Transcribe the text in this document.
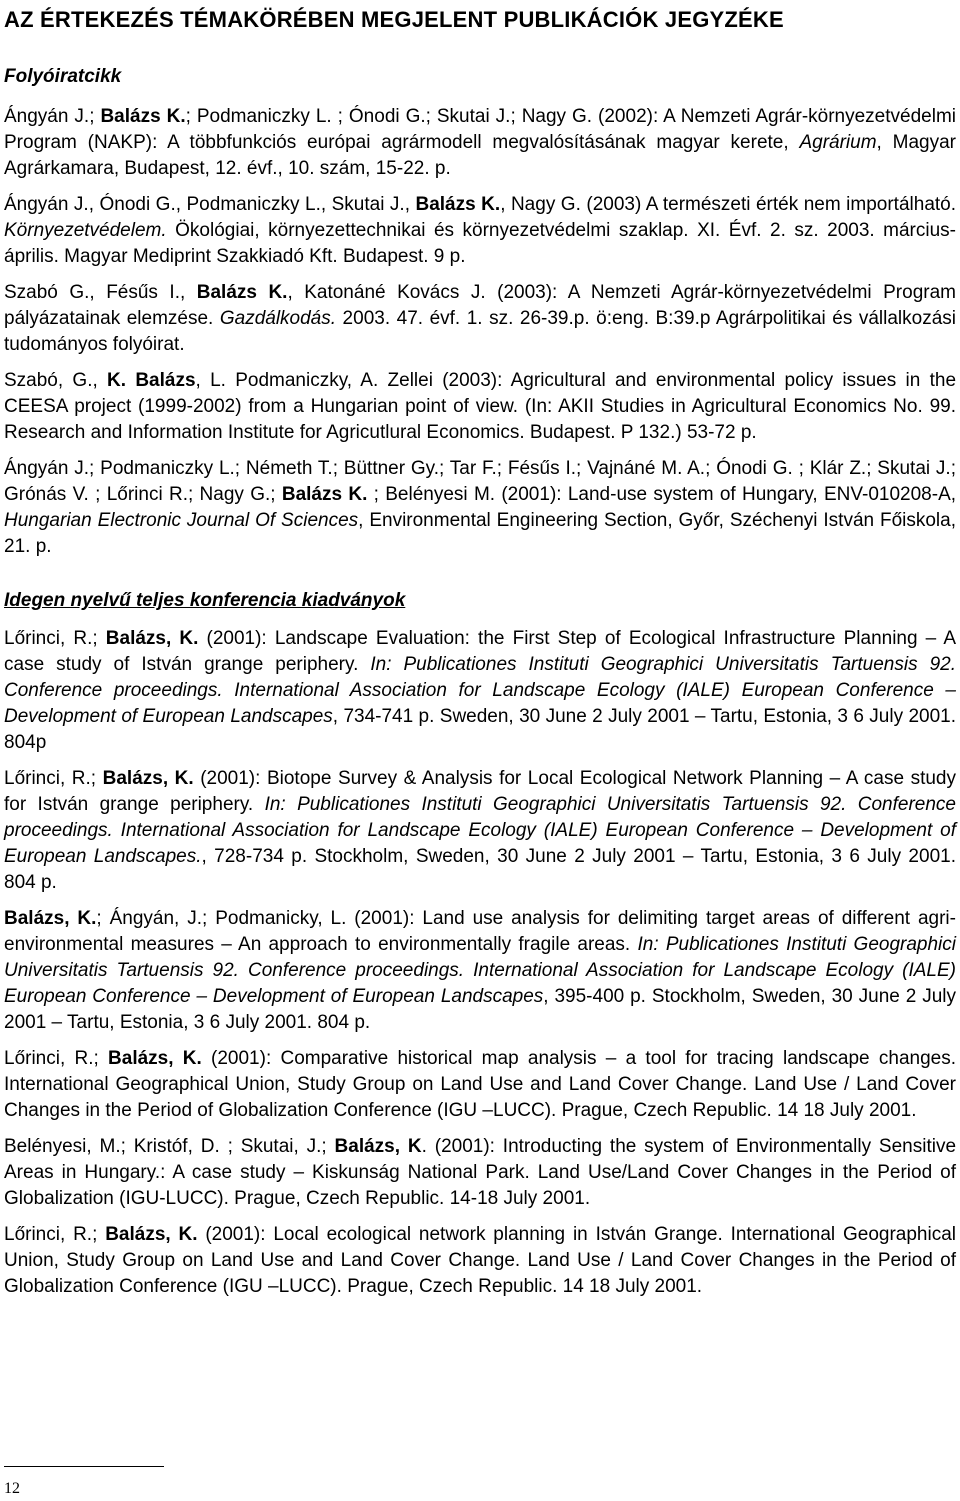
AZ ÉRTEKEZÉS TÉMAKÖRÉBEN MEGJELENT PUBLIKÁCIÓK JEGYZÉKE
Folyóiratcikk

Ángyán J.; Balázs K.; Podmaniczky L. ; Ónodi G.; Skutai J.; Nagy G. (2002): A Nemzeti Agrár-környezetvédelmi Program (NAKP): A többfunkciós európai agrármodell megvalósításának magyar kerete, Agrárium, Magyar Agrárkamara, Budapest, 12. évf., 10. szám, 15-22. p.

Ángyán J., Ónodi G., Podmaniczky L., Skutai J., Balázs K., Nagy G. (2003) A természeti érték nem importálható. Környezetvédelem. Ökológiai, környezettechnikai és környezetvédelmi szaklap. XI. Évf. 2. sz. 2003. március-április. Magyar Mediprint Szakkiadó Kft. Budapest. 9 p.

Szabó G., Fésűs I., Balázs K., Katonáné Kovács J. (2003): A Nemzeti Agrár-környezetvédelmi Program pályázatainak elemzése. Gazdálkodás. 2003. 47. évf. 1. sz. 26-39.p. ö:eng. B:39.p Agrárpolitikai és vállalkozási tudományos folyóirat.

Szabó, G., K. Balázs, L. Podmaniczky, A. Zellei (2003): Agricultural and environmental policy issues in the CEESA project (1999-2002) from a Hungarian point of view. (In: AKII Studies in Agricultural Economics No. 99. Research and Information Institute for Agricutlural Economics. Budapest. P 132.) 53-72 p.

Ángyán J.; Podmaniczky L.; Németh T.; Büttner Gy.; Tar F.; Fésűs I.; Vajnáné M. A.; Ónodi G. ; Klár Z.; Skutai J.; Grónás V. ; Lőrinci R.; Nagy G.; Balázs K. ; Belényesi M. (2001): Land-use system of Hungary, ENV-010208-A, Hungarian Electronic Journal Of Sciences, Environmental Engineering Section, Győr, Széchenyi István Főiskola, 21. p.

Idegen nyelvű teljes konferencia kiadványok

Lőrinci, R.; Balázs, K. (2001): Landscape Evaluation: the First Step of Ecological Infrastructure Planning – A case study of István grange periphery. In: Publicationes Instituti Geographici Universitatis Tartuensis 92. Conference proceedings. International Association for Landscape Ecology (IALE) European Conference – Development of European Landscapes, 734-741 p. Sweden, 30 June 2 July 2001 – Tartu, Estonia, 3 6 July 2001. 804p

Lőrinci, R.; Balázs, K. (2001): Biotope Survey & Analysis for Local Ecological Network Planning – A case study for István grange periphery. In: Publicationes Instituti Geographici Universitatis Tartuensis 92. Conference proceedings. International Association for Landscape Ecology (IALE) European Conference – Development of European Landscapes., 728-734 p. Stockholm, Sweden, 30 June 2 July 2001 – Tartu, Estonia, 3 6 July 2001. 804 p.

Balázs, K.; Ángyán, J.; Podmanicky, L. (2001): Land use analysis for delimiting target areas of different agri-environmental measures – An approach to environmentally fragile areas. In: Publicationes Instituti Geographici Universitatis Tartuensis 92. Conference proceedings. International Association for Landscape Ecology (IALE) European Conference – Development of European Landscapes, 395-400 p. Stockholm, Sweden, 30 June 2 July 2001 – Tartu, Estonia, 3 6 July 2001. 804 p.

Lőrinci, R.; Balázs, K. (2001): Comparative historical map analysis – a tool for tracing landscape changes. International Geographical Union, Study Group on Land Use and Land Cover Change. Land Use / Land Cover Changes in the Period of Globalization Conference (IGU –LUCC). Prague, Czech Republic. 14 18 July 2001.

Belényesi, M.; Kristóf, D. ; Skutai, J.; Balázs, K. (2001): Introducting the system of Environmentally Sensitive Areas in Hungary.: A case study – Kiskunság National Park. Land Use/Land Cover Changes in the Period of Globalization (IGU-LUCC). Prague, Czech Republic. 14-18 July 2001.

Lőrinci, R.; Balázs, K. (2001): Local ecological network planning in István Grange. International Geographical Union, Study Group on Land Use and Land Cover Change. Land Use / Land Cover Changes in the Period of Globalization Conference (IGU –LUCC). Prague, Czech Republic. 14 18 July 2001.

12
